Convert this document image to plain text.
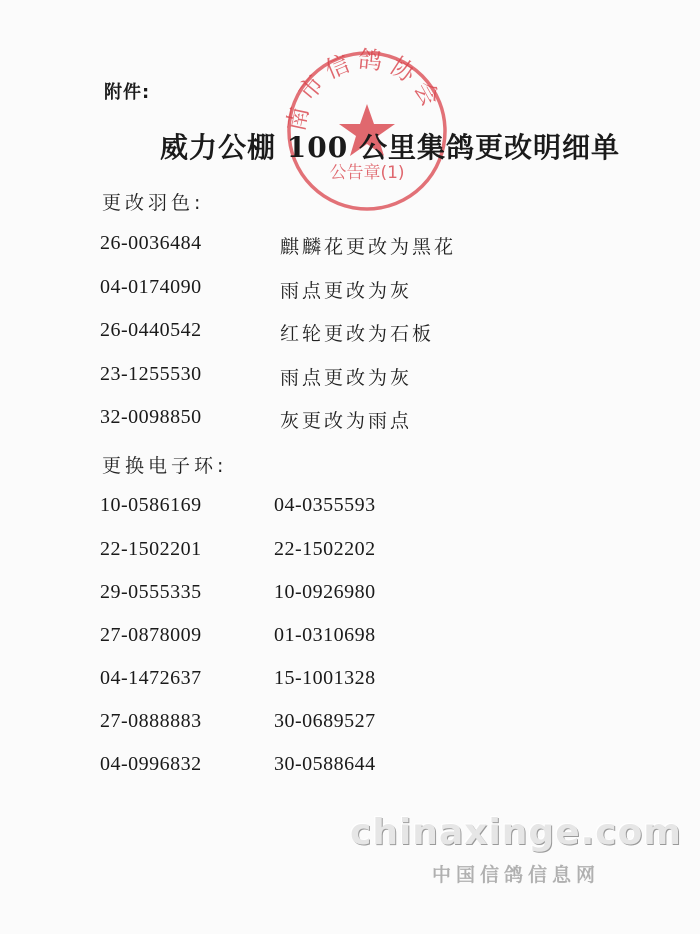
南市信鸽协会
公告章(1)
附件:
威力公棚 100 公里集鸽更改明细单
更改羽色:
26-0036484	麒麟花更改为黑花
04-0174090	雨点更改为灰
26-0440542	红轮更改为石板
23-1255530	雨点更改为灰
32-0098850	灰更改为雨点
更换电子环:
10-0586169	04-0355593
22-1502201	22-1502202
29-0555335	10-0926980
27-0878009	01-0310698
04-1472637	15-1001328
27-0888883	30-0689527
04-0996832	30-0588644
chinaxinge.com
中国信鸽信息网
